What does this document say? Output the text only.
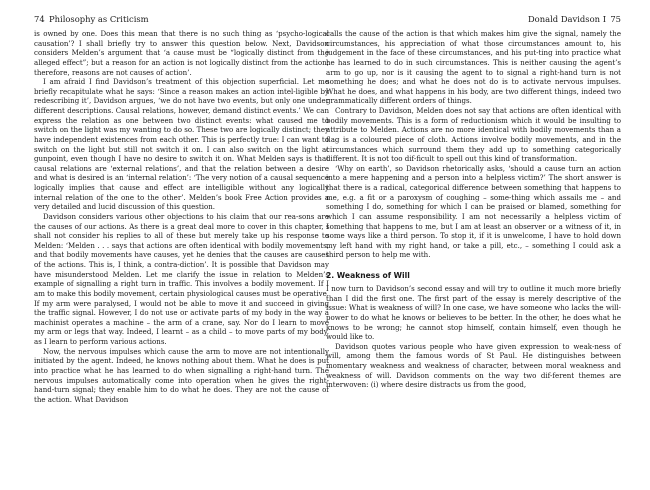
74 Philosophy as Criticism

is owned by one. Does this mean that there is no such thing as ‘psycho-logical causation’? I shall briefly try to answer this question below. Next, Davidson considers Melden’s argument that ‘a cause must be “logically distinct from the alleged effect”; but a reason for an action is not logically distinct from the action; therefore, reasons are not causes of action’.

I am afraid I find Davidson’s treatment of this objection superficial. Let me briefly recapitulate what he says: ‘Since a reason makes an action intel-ligible by redescribing it’, Davidson argues, ‘we do not have two events, but only one under different descriptions. Causal relations, however, demand distinct events.’ We can express the relation as one between two distinct events: what caused me to switch on the light was my wanting to do so. These two are logically distinct; they have independent existences from each other. This is perfectly true: I can want to switch on the light but still not switch it on. I can also switch on the light at gunpoint, even though I have no desire to switch it on. What Melden says is that causal relations are ‘external relations’, and that the relation between a desire and what is desired is an ‘internal relation’: ‘The very notion of a causal sequence logically implies that cause and effect are intelligible without any logically internal relation of the one to the other’. Melden’s book Free Action provides a very detailed and lucid discussion of this question.

Davidson considers various other objections to his claim that our rea-sons are the causes of our actions. As there is a great deal more to cover in this chapter, I shall not consider his replies to all of these but merely take up his response to Melden: ‘Melden . . . says that actions are often identical with bodily movements, and that bodily movements have causes, yet he denies that the causes are causes of the actions. This is, I think, a contra-diction’. It is possible that Davidson may have misunderstood Melden. Let me clarify the issue in relation to Melden’s example of signalling a right turn in traffic. This involves a bodily movement. If I am to make this bodily movement, certain physiological causes must be operative. If my arm were paralysed, I would not be able to move it and succeed in giving the traffic signal. However, I do not use or activate parts of my body in the way a machinist operates a machine – the arm of a crane, say. Nor do I learn to move my arm or legs that way. Indeed, I learnt – as a child – to move parts of my body, as I learn to perform various actions.

Now, the nervous impulses which cause the arm to move are not intentionally initiated by the agent. Indeed, he knows nothing about them. What he does is put into practice what he has learned to do when signalling a right-hand turn. The nervous impulses automatically come into operation when he gives the right-hand-turn signal; they enable him to do what he does. They are not the cause of the action. What Davidson

Donald Davidson I 75

calls the cause of the action is that which makes him give the signal, namely the circumstances, his appreciation of what those circumstances amount to, his judgement in the face of these circumstances, and his put-ting into practice what he has learned to do in such circumstances. This is neither causing the agent’s arm to go up, nor is it causing the agent to to signal a right-hand turn is not something he does; and what he does not do is to activate nervous impulses. What he does, and what happens in his body, are two different things, indeed two grammatically different orders of things.

Contrary to Davidson, Melden does not say that actions are often identical with bodily movements. This is a form of reductionism which it would be insulting to attribute to Melden. Actions are no more identical with bodily movements than a flag is a coloured piece of cloth. Actions involve bodily movements, and in the circumstances which surround them they add up to something categorically different. It is not too dif-ficult to spell out this kind of transformation.

‘Why on earth’, so Davidson rhetorically asks, ‘should a cause turn an action into a mere happening and a person into a helpless victim?’ The short answer is that there is a radical, categorical difference between something that happens to me, e.g. a fit or a paroxysm of coughing – some-thing which assails me – and something I do, something for which I can be praised or blamed, something for which I can assume responsibility. I am not necessarily a helpless victim of something that happens to me, but I am at least an observer or a witness of it, in some ways like a third person. To stop it, if it is unwelcome, I have to hold down my left hand with my right hand, or take a pill, etc., – something I could ask a third person to help me with.

2. Weakness of Will

I now turn to Davidson’s second essay and will try to outline it much more briefly than I did the first one. The first part of the essay is merely descriptive of the issue: What is weakness of will? In one case, we have someone who lacks the will-power to do what he knows or believes to be better. In the other, he does what he knows to be wrong; he cannot stop himself, contain himself, even though he would like to.

Davidson quotes various people who have given expression to weak-ness of will, among them the famous words of St Paul. He distinguishes between momentary weakness and weakness of character, between moral weakness and weakness of will. Davidson comments on the way two dif-ferent themes are interwoven: (i) where desire distracts us from the good,
